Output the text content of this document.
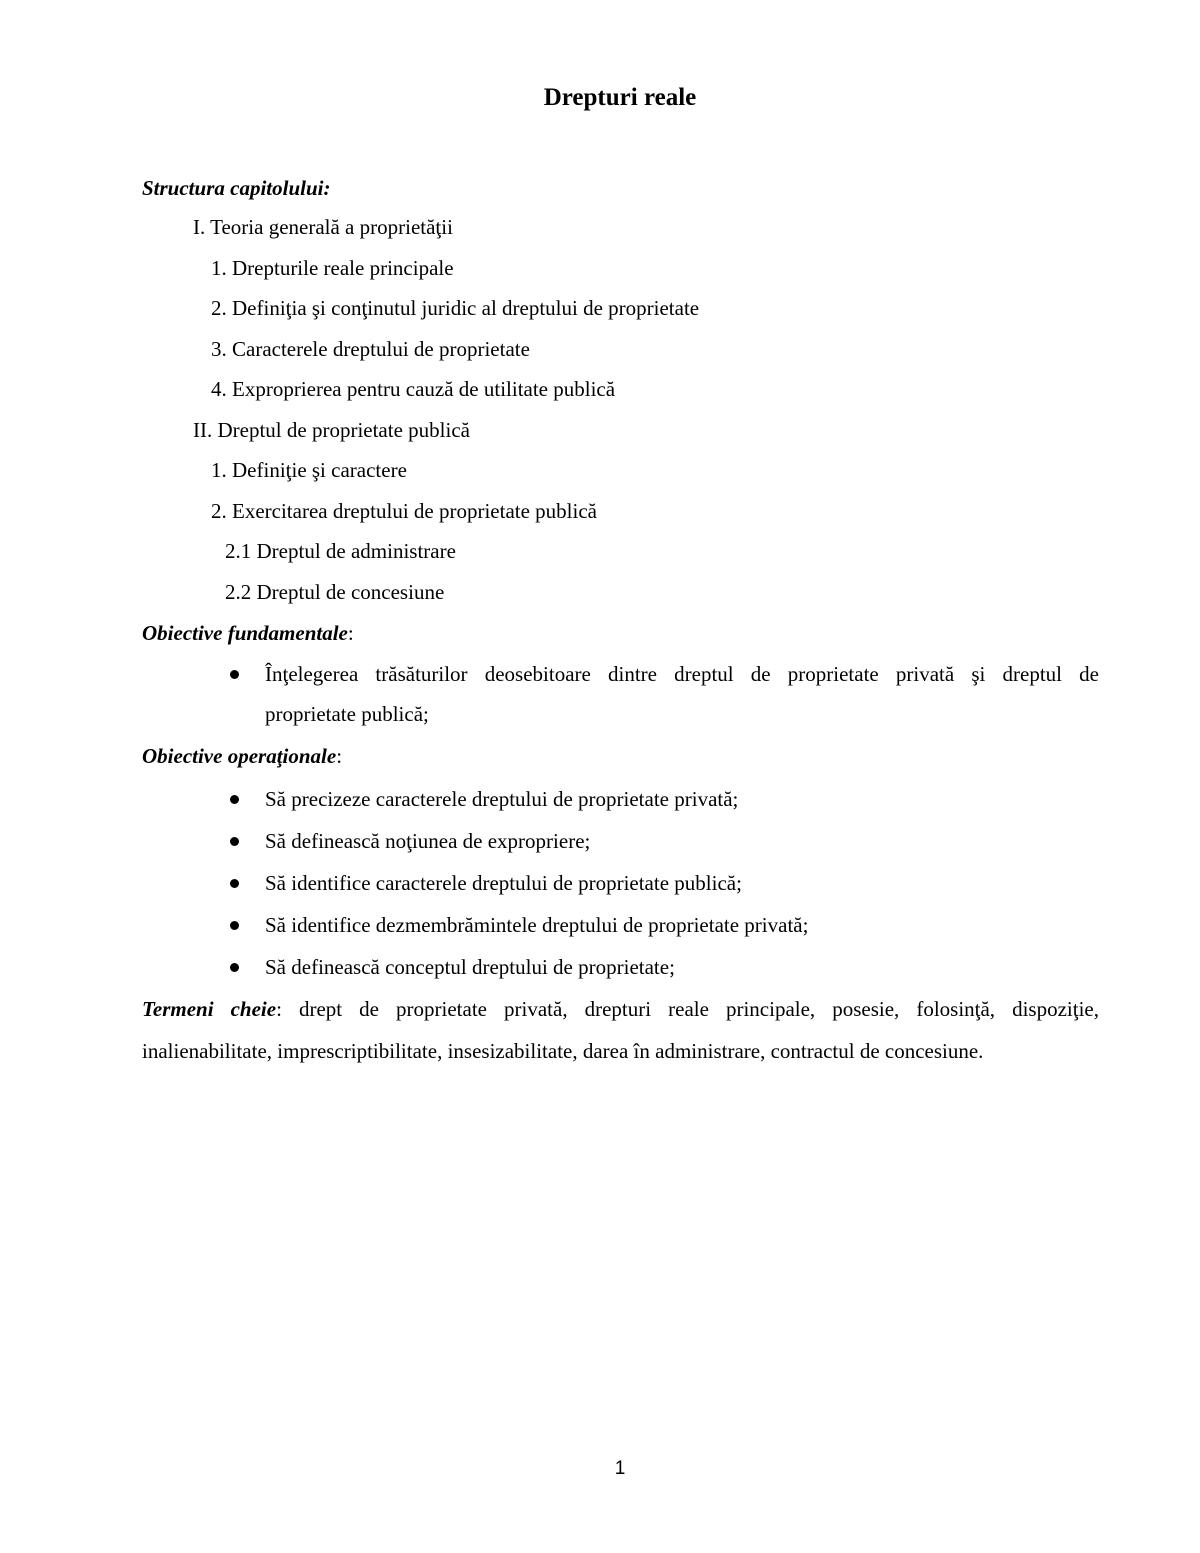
Drepturi reale
Structura capitolului:
I. Teoria generală a proprietăţii
1. Drepturile reale principale
2. Definiţia şi conţinutul juridic al dreptului de proprietate
3. Caracterele dreptului de proprietate
4. Exproprierea pentru cauză de utilitate publică
II. Dreptul de proprietate publică
1. Definiţie şi caractere
2. Exercitarea dreptului de proprietate publică
2.1 Dreptul de administrare
2.2 Dreptul de concesiune
Obiective fundamentale:
Înţelegerea trăsăturilor deosebitoare dintre dreptul de proprietate privată şi dreptul de
proprietate publică;
Obiective operaţionale:
Să precizeze caracterele dreptului de proprietate privată;
Să definească noţiunea de expropriere;
Să identifice caracterele dreptului de proprietate publică;
Să identifice dezmembrămintele dreptului de proprietate privată;
Să definească conceptul dreptului de proprietate;
Termeni cheie: drept de proprietate privată, drepturi reale principale, posesie, folosinţă, dispoziţie,
inalienabilitate, imprescriptibilitate, insesizabilitate, darea în administrare, contractul de concesiune.
1
